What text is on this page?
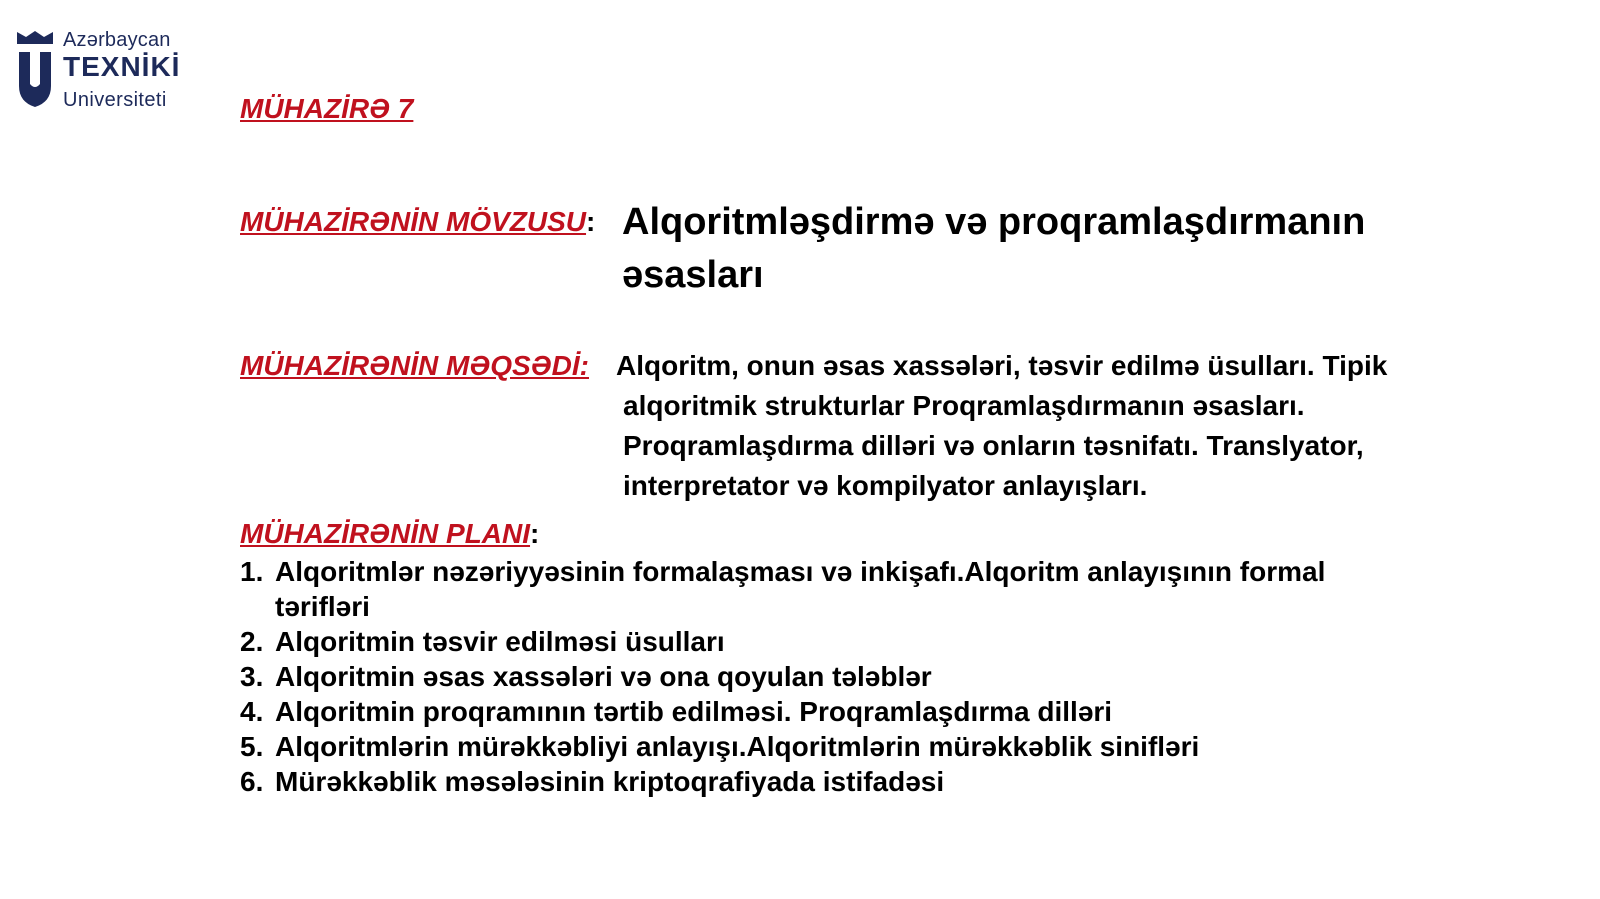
Azərbaycan
TEXNİKİ
Universiteti	MÜHAZİRƏ 7
MÜHAZİRƏNİN MÖVZUSU: Alqoritmləşdirmə və proqramlaşdırmanın əsasları
MÜHAZİRƏNİN MƏQSƏDİ: Alqoritm, onun əsas xassələri, təsvir edilmə üsulları. Tipik alqoritmik strukturlar Proqramlaşdırmanın əsasları. Proqramlaşdırma dilləri və onların təsnifatı. Translyator, interpretator və kompilyator anlayışları.
MÜHAZİRƏNİN PLANI:
1. Alqoritmlər nəzəriyyəsinin formalaşması və inkişafı.Alqoritm anlayışının formal tərifləri
2. Alqoritmin təsvir edilməsi üsulları
3. Alqoritmin əsas xassələri və ona qoyulan tələblər
4. Alqoritmin proqramının tərtib edilməsi. Proqramlaşdırma dilləri
5. Alqoritmlərin mürəkkəbliyi anlayışı.Alqoritmlərin mürəkkəblik sinifləri
6. Mürəkkəblik məsələsinin kriptoqrafiyada istifadəsi
